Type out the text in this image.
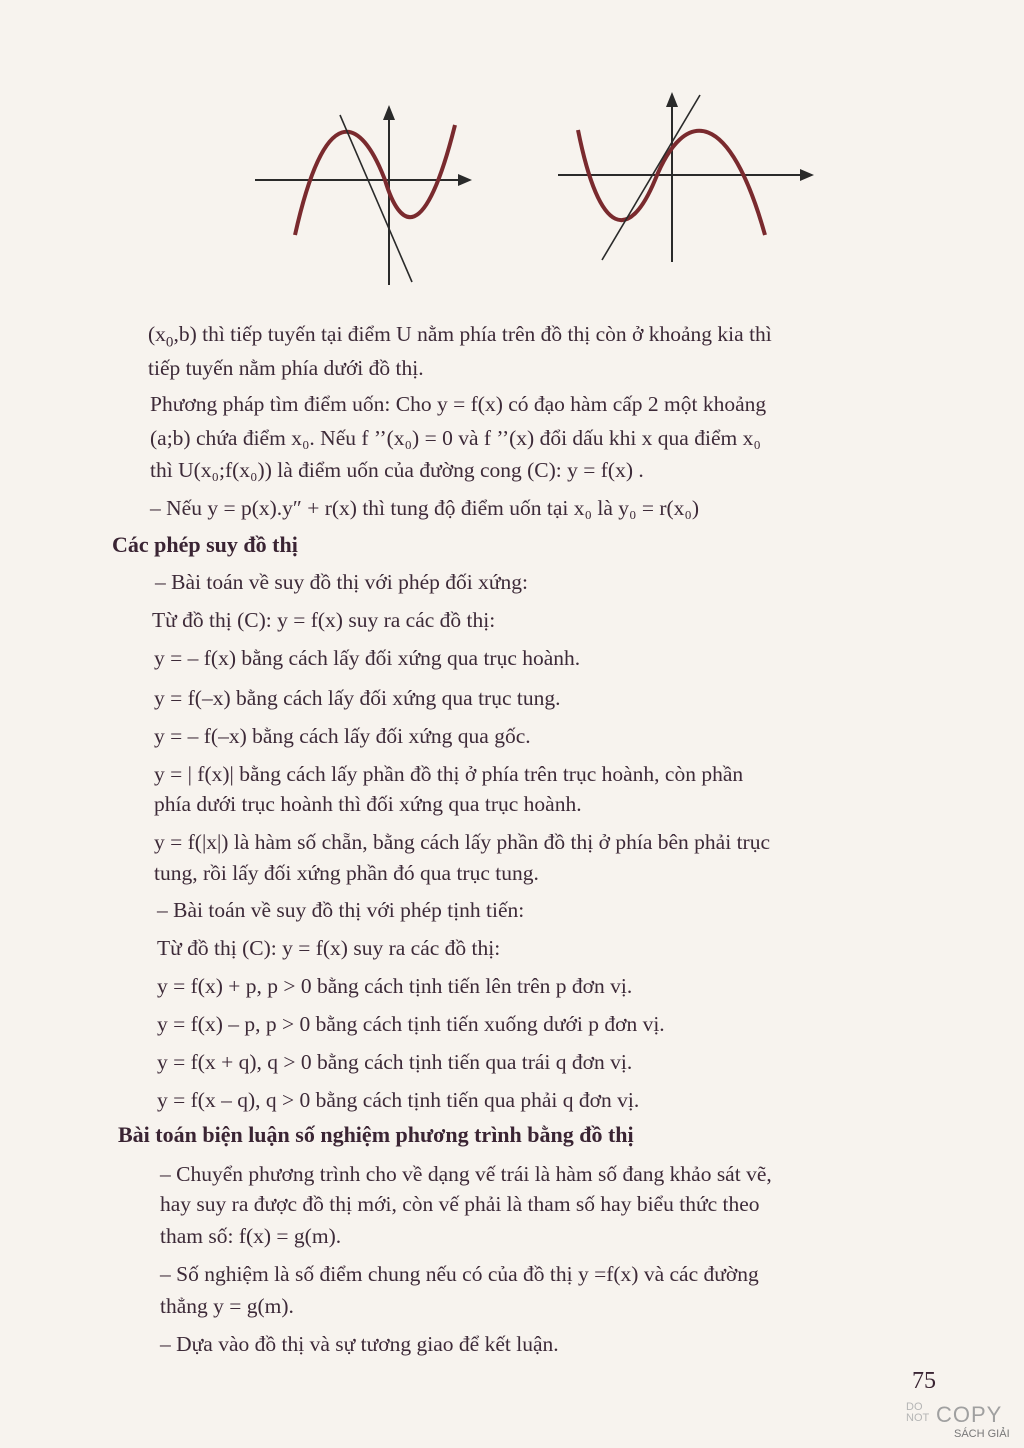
$(x_0,b)$ thì tiếp tuyến tại điểm U nằm phía trên đồ thị còn ở khoảng kia thì

tiếp tuyến nằm phía dưới đồ thị.

Phương pháp tìm điểm uốn: Cho y = f(x) có đạo hàm cấp 2 một khoảng

(a;b) chứa điểm x₀. Nếu f ’’(x₀) = 0 và f ’’(x) đổi dấu khi x qua điểm x₀

thì U(x₀;f(x₀)) là điểm uốn của đường cong (C): y = f(x) .

– Nếu y = p(x).y″ + r(x) thì tung độ điểm uốn tại x₀ là y₀ = r(x₀)

Các phép suy đồ thị

– Bài toán về suy đồ thị với phép đối xứng:

Từ đồ thị (C): y = f(x) suy ra các đồ thị:

y = – f(x) bằng cách lấy đối xứng qua trục hoành.

y = f(–x) bằng cách lấy đối xứng qua trục tung.

y = – f(–x) bằng cách lấy đối xứng qua gốc.

y = | f(x)| bằng cách lấy phần đồ thị ở phía trên trục hoành, còn phần

phía dưới trục hoành thì đối xứng qua trục hoành.

y = f(|x|) là hàm số chẵn, bằng cách lấy phần đồ thị ở phía bên phải trục

tung, rồi lấy đối xứng phần đó qua trục tung.

– Bài toán về suy đồ thị với phép tịnh tiến:

Từ đồ thị (C): y = f(x) suy ra các đồ thị:

y = f(x) + p, p > 0 bằng cách tịnh tiến lên trên p đơn vị.

y = f(x) – p, p > 0 bằng cách tịnh tiến xuống dưới p đơn vị.

y = f(x + q), q > 0 bằng cách tịnh tiến qua trái q đơn vị.

y = f(x – q), q > 0 bằng cách tịnh tiến qua phải q đơn vị.

Bài toán biện luận số nghiệm phương trình bằng đồ thị

– Chuyển phương trình cho về dạng vế trái là hàm số đang khảo sát vẽ,

hay suy ra được đồ thị mới, còn vế phải là tham số hay biểu thức theo

tham số: f(x) = g(m).

– Số nghiệm là số điểm chung nếu có của đồ thị y =f(x) và các đường

thẳng y = g(m).

– Dựa vào đồ thị và sự tương giao để kết luận.

75
DO
NOT COPY
SÁCH GIẢI
